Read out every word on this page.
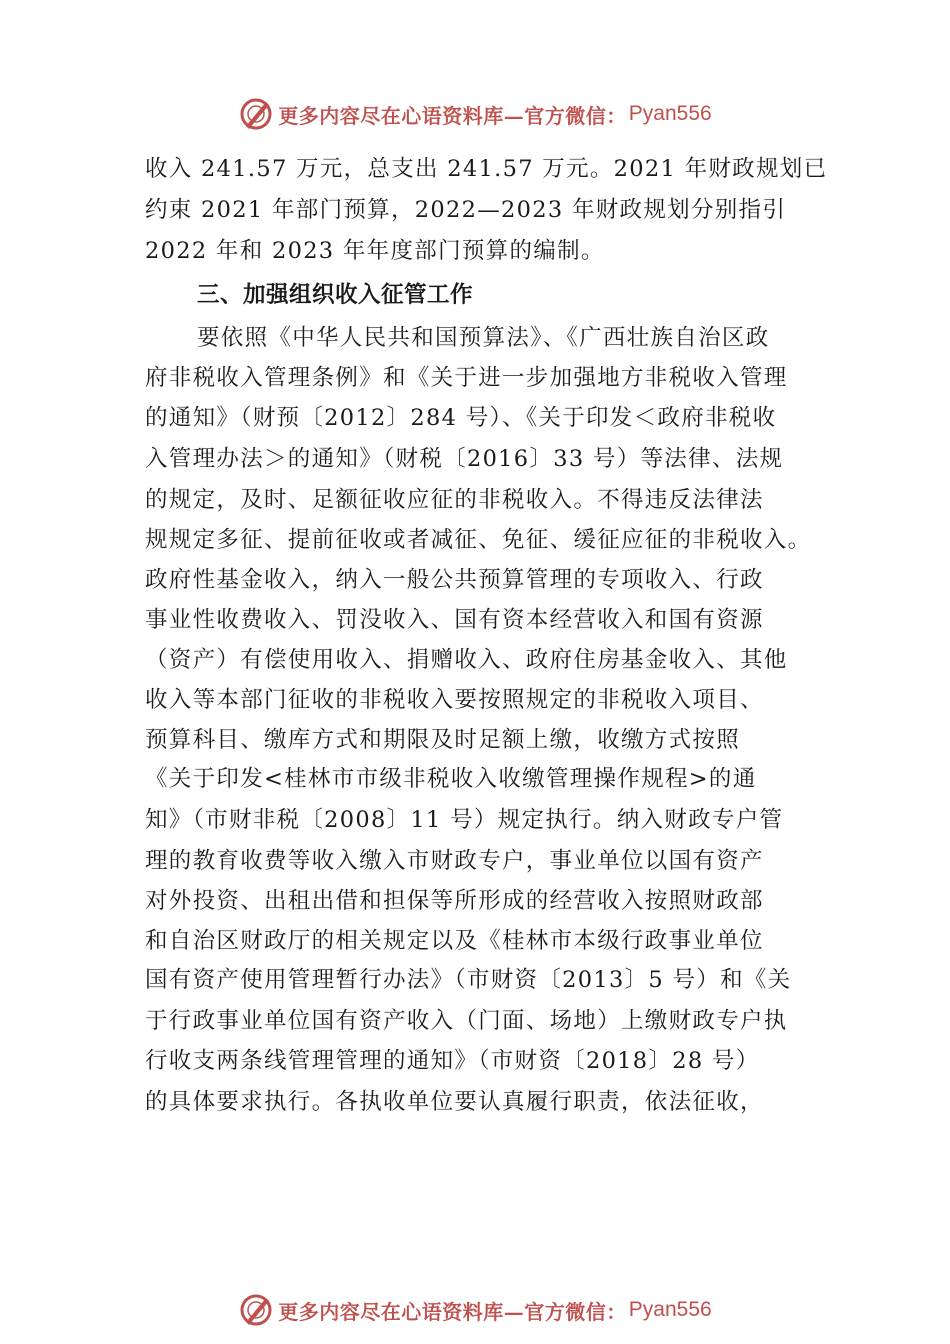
更多内容尽在心语资料库—官方微信： Pyan556
收入 241.57 万元，总支出 241.57 万元。2021 年财政规划已
约束 2021 年部门预算，2022—2023 年财政规划分别指引
2022 年和 2023 年年度部门预算的编制。
三、加强组织收入征管工作
要依照《中华人民共和国预算法》、《广西壮族自治区政
府非税收入管理条例》和《关于进一步加强地方非税收入管理
的通知》（财预〔2012〕284 号）、《关于印发＜政府非税收
入管理办法＞的通知》（财税〔2016〕33 号）等法律、法规
的规定，及时、足额征收应征的非税收入。不得违反法律法
规规定多征、提前征收或者减征、免征、缓征应征的非税收入。
政府性基金收入，纳入一般公共预算管理的专项收入、行政
事业性收费收入、罚没收入、国有资本经营收入和国有资源
（资产）有偿使用收入、捐赠收入、政府住房基金收入、其他
收入等本部门征收的非税收入要按照规定的非税收入项目、
预算科目、缴库方式和期限及时足额上缴，收缴方式按照
《关于印发<桂林市市级非税收入收缴管理操作规程>的通
知》（市财非税〔2008〕11 号）规定执行。纳入财政专户管
理的教育收费等收入缴入市财政专户，事业单位以国有资产
对外投资、出租出借和担保等所形成的经营收入按照财政部
和自治区财政厅的相关规定以及《桂林市本级行政事业单位
国有资产使用管理暂行办法》（市财资〔2013〕5 号）和《关
于行政事业单位国有资产收入（门面、场地）上缴财政专户执
行收支两条线管理管理的通知》（市财资〔2018〕28 号）
的具体要求执行。各执收单位要认真履行职责，依法征收，
更多内容尽在心语资料库—官方微信： Pyan556
